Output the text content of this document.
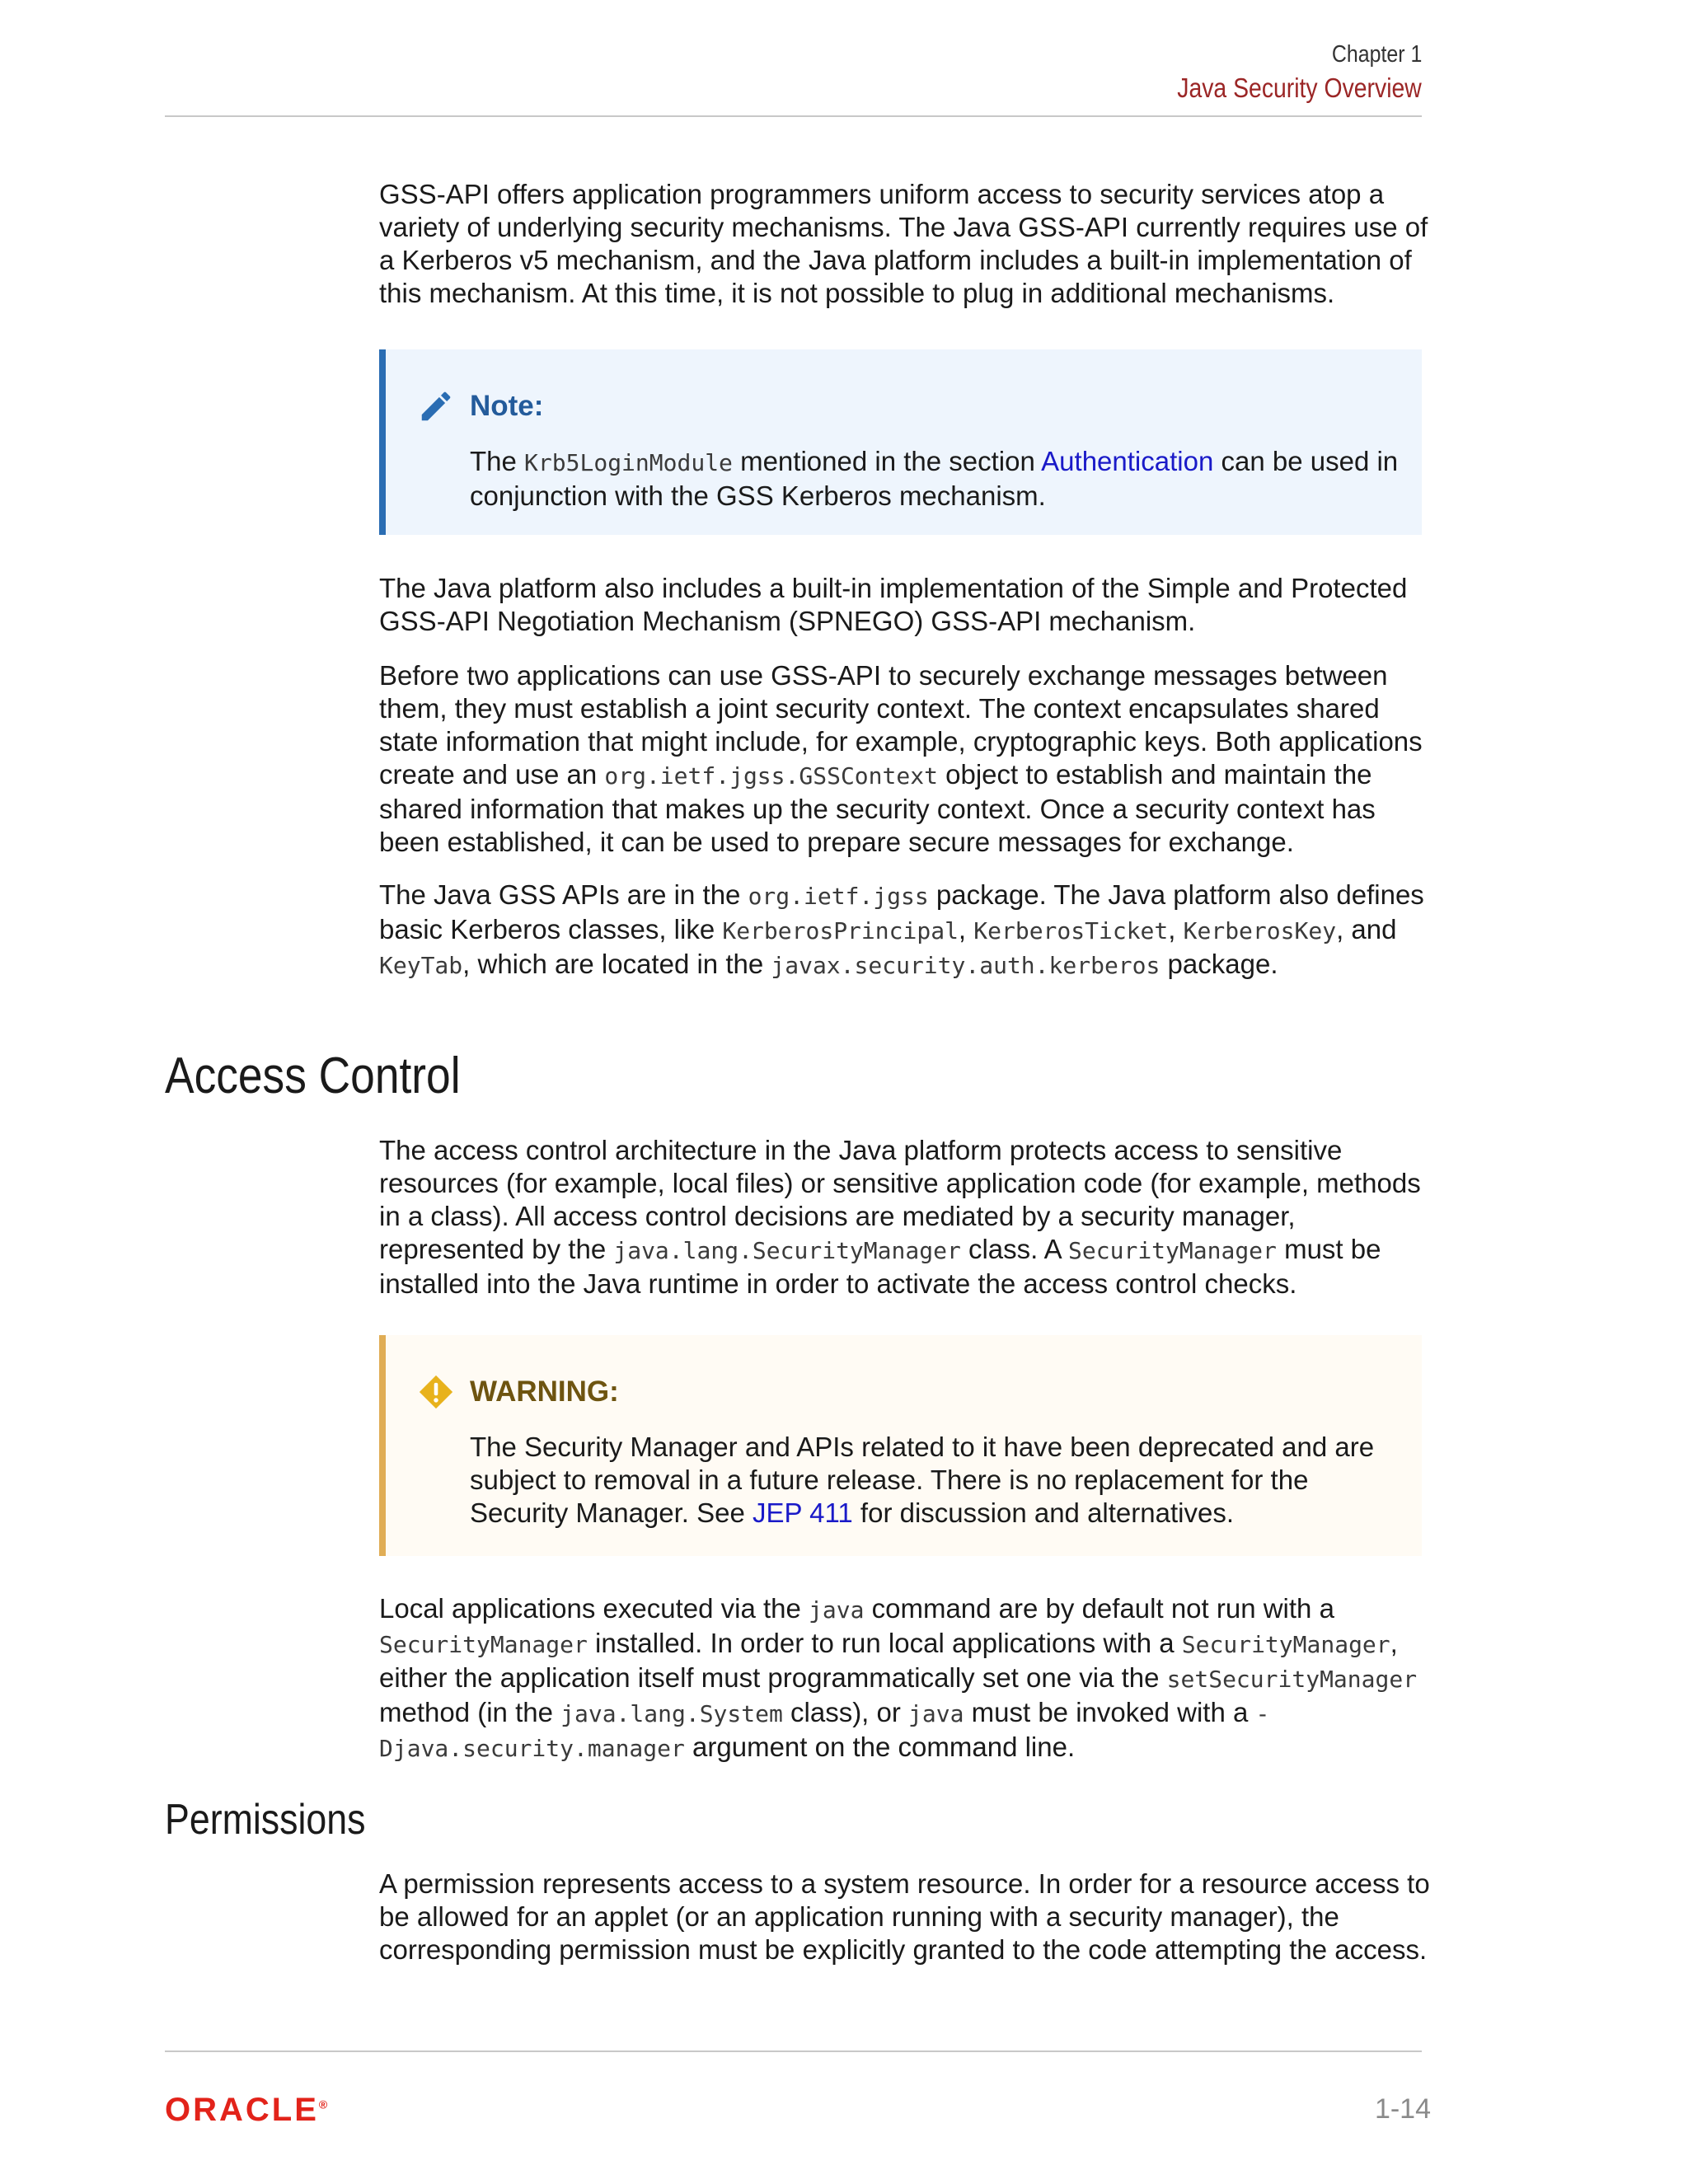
Chapter 1
Java Security Overview

GSS-API offers application programmers uniform access to security services atop a variety of underlying security mechanisms. The Java GSS-API currently requires use of a Kerberos v5 mechanism, and the Java platform includes a built-in implementation of this mechanism. At this time, it is not possible to plug in additional mechanisms.

Note:

The Krb5LoginModule mentioned in the section Authentication can be used in conjunction with the GSS Kerberos mechanism.

The Java platform also includes a built-in implementation of the Simple and Protected GSS-API Negotiation Mechanism (SPNEGO) GSS-API mechanism.

Before two applications can use GSS-API to securely exchange messages between them, they must establish a joint security context. The context encapsulates shared state information that might include, for example, cryptographic keys. Both applications create and use an org.ietf.jgss.GSSContext object to establish and maintain the shared information that makes up the security context. Once a security context has been established, it can be used to prepare secure messages for exchange.

The Java GSS APIs are in the org.ietf.jgss package. The Java platform also defines basic Kerberos classes, like KerberosPrincipal, KerberosTicket, KerberosKey, and KeyTab, which are located in the javax.security.auth.kerberos package.

Access Control

The access control architecture in the Java platform protects access to sensitive resources (for example, local files) or sensitive application code (for example, methods in a class). All access control decisions are mediated by a security manager, represented by the java.lang.SecurityManager class. A SecurityManager must be installed into the Java runtime in order to activate the access control checks.

WARNING:

The Security Manager and APIs related to it have been deprecated and are subject to removal in a future release. There is no replacement for the Security Manager. See JEP 411 for discussion and alternatives.

Local applications executed via the java command are by default not run with a SecurityManager installed. In order to run local applications with a SecurityManager, either the application itself must programmatically set one via the setSecurityManager method (in the java.lang.System class), or java must be invoked with a -Djava.security.manager argument on the command line.

Permissions

A permission represents access to a system resource. In order for a resource access to be allowed for an applet (or an application running with a security manager), the corresponding permission must be explicitly granted to the code attempting the access.

ORACLE®	1-14
